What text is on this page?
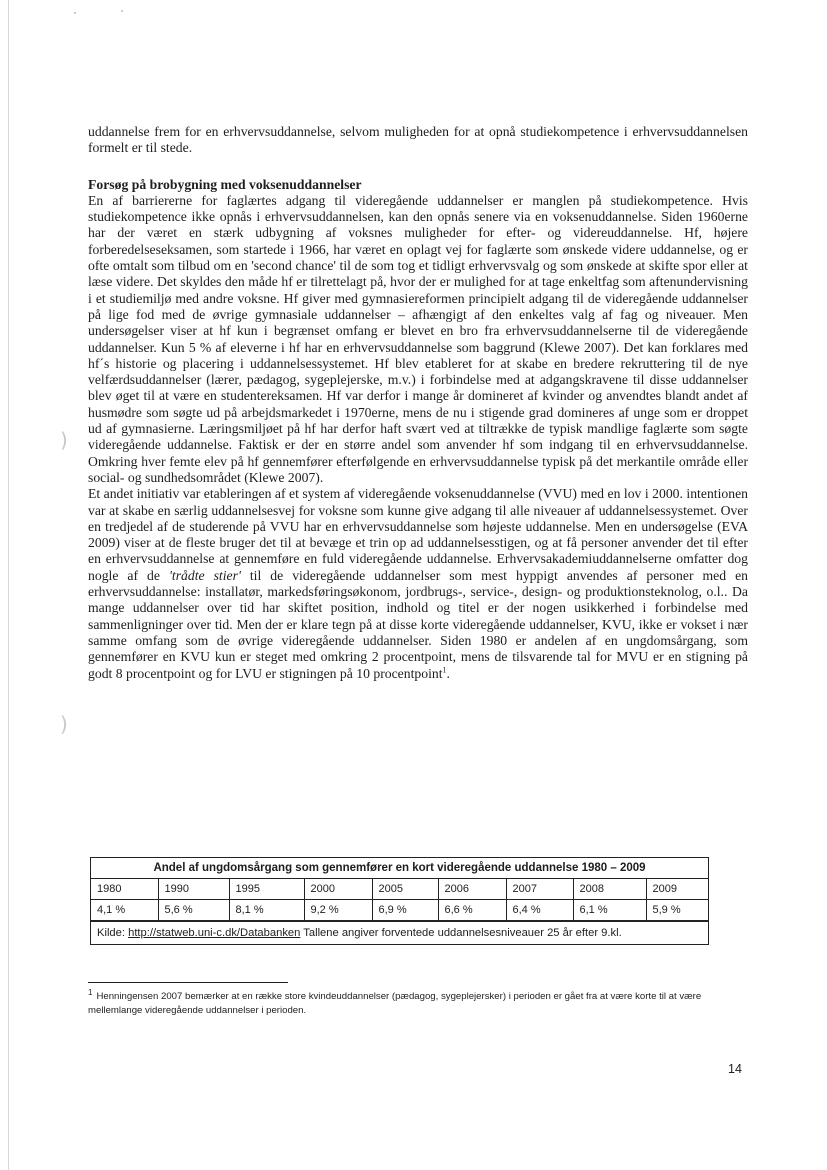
)
)

uddannelse frem for en erhvervsuddannelse, selvom muligheden for at opnå studiekompetence i erhvervsuddannelsen formelt er til stede.

Forsøg på brobygning med voksenuddannelser

En af barriererne for faglærtes adgang til videregående uddannelser er manglen på studiekompetence. Hvis studiekompetence ikke opnås i erhvervsuddannelsen, kan den opnås senere via en voksenuddannelse. Siden 1960erne har der været en stærk udbygning af voksnes muligheder for efter- og videreuddannelse. Hf, højere forberedelseseksamen, som startede i 1966, har været en oplagt vej for faglærte som ønskede videre uddannelse, og er ofte omtalt som tilbud om en 'second chance' til de som tog et tidligt erhvervsvalg og som ønskede at skifte spor eller at læse videre. Det skyldes den måde hf er tilrettelagt på, hvor der er mulighed for at tage enkeltfag som aftenundervisning i et studiemiljø med andre voksne. Hf giver med gymnasiereformen principielt adgang til de videregående uddannelser på lige fod med de øvrige gymnasiale uddannelser – afhængigt af den enkeltes valg af fag og niveauer. Men undersøgelser viser at hf kun i begrænset omfang er blevet en bro fra erhvervsuddannelserne til de videregående uddannelser. Kun 5 % af eleverne i hf har en erhvervsuddannelse som baggrund (Klewe 2007). Det kan forklares med hf´s historie og placering i uddannelsessystemet. Hf blev etableret for at skabe en bredere rekruttering til de nye velfærdsuddannelser (lærer, pædagog, sygeplejerske, m.v.) i forbindelse med at adgangskravene til disse uddannelser blev øget til at være en studentereksamen. Hf var derfor i mange år domineret af kvinder og anvendtes blandt andet af husmødre som søgte ud på arbejdsmarkedet i 1970erne, mens de nu i stigende grad domineres af unge som er droppet ud af gymnasierne. Læringsmiljøet på hf har derfor haft svært ved at tiltrække de typisk mandlige faglærte som søgte videregående uddannelse. Faktisk er der en større andel som anvender hf som indgang til en erhvervsuddannelse. Omkring hver femte elev på hf gennemfører efterfølgende en erhvervsuddannelse typisk på det merkantile område eller social- og sundhedsområdet (Klewe 2007).

Et andet initiativ var etableringen af et system af videregående voksenuddannelse (VVU) med en lov i 2000. intentionen var at skabe en særlig uddannelsesvej for voksne som kunne give adgang til alle niveauer af uddannelsessystemet. Over en tredjedel af de studerende på VVU har en erhvervsuddannelse som højeste uddannelse. Men en undersøgelse (EVA 2009) viser at de fleste bruger det til at bevæge et trin op ad uddannelsesstigen, og at få personer anvender det til efter en erhvervsuddannelse at gennemføre en fuld videregående uddannelse. Erhvervsakademiuddannelserne omfatter dog nogle af de 'trådte stier' til de videregående uddannelser som mest hyppigt anvendes af personer med en erhvervsuddannelse: installatør, markedsføringsøkonom, jordbrugs-, service-, design- og produktionsteknolog, o.l.. Da mange uddannelser over tid har skiftet position, indhold og titel er der nogen usikkerhed i forbindelse med sammenligninger over tid. Men der er klare tegn på at disse korte videregående uddannelser, KVU, ikke er vokset i nær samme omfang som de øvrige videregående uddannelser. Siden 1980 er andelen af en ungdomsårgang, som gennemfører en KVU kun er steget med omkring 2 procentpoint, mens de tilsvarende tal for MVU er en stigning på godt 8 procentpoint og for LVU er stigningen på 10 procentpoint$^1$.

Andel af ungdomsårgang som gennemfører en kort videregående uddannelse 1980 – 2009
1980	1990	1995	2000	2005	2006	2007	2008	2009
4,1 %	5,6 %	8,1 %	9,2 %	6,9 %	6,6 %	6,4 %	6,1 %	5,9 %
Kilde: http://statweb.uni-c.dk/Databanken Tallene angiver forventede uddannelsesniveauer 25 år efter 9.kl.
$^1$ Henningensen 2007 bemærker at en række store kvindeuddannelser (pædagog, sygeplejersker) i perioden er gået fra at være korte til at være mellemlange videregående uddannelser i perioden.
14
